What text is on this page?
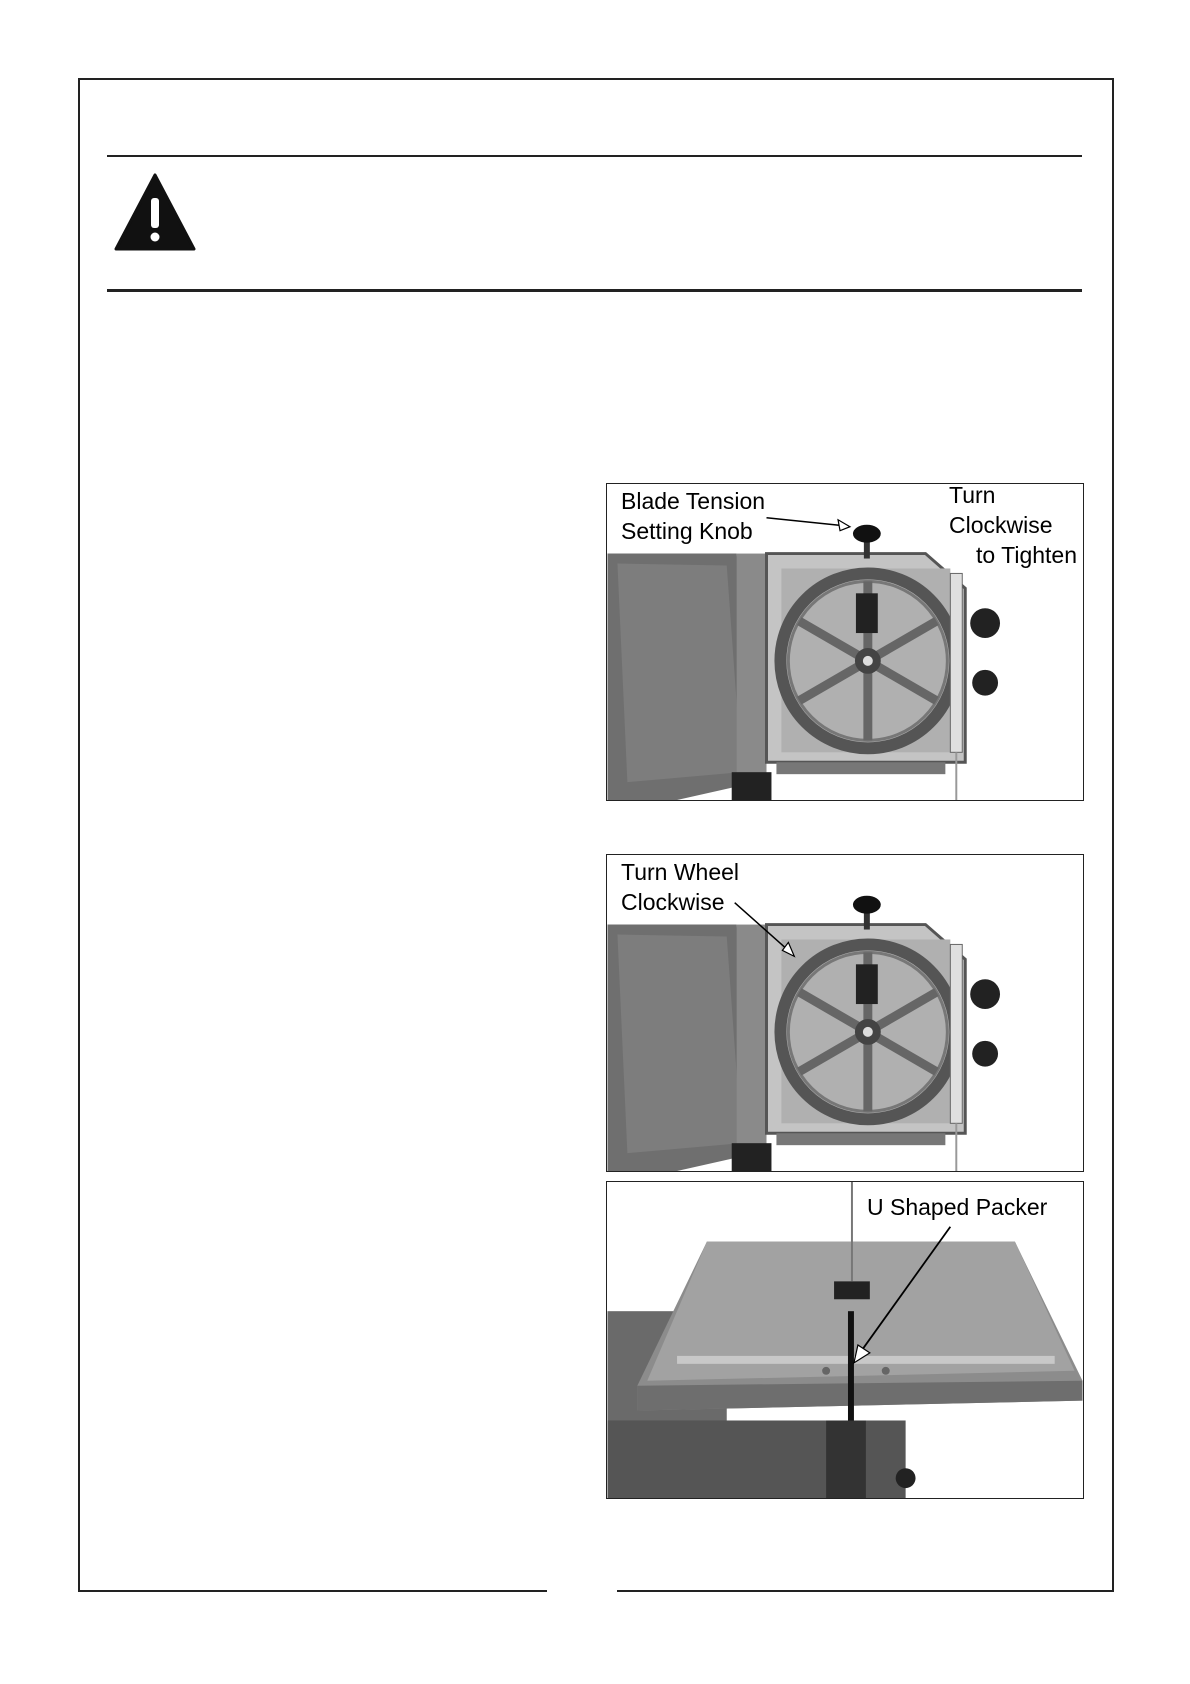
Blade Tension
Setting Knob
Turn
Clockwise
to Tighten
Turn Wheel
Clockwise
U Shaped Packer
